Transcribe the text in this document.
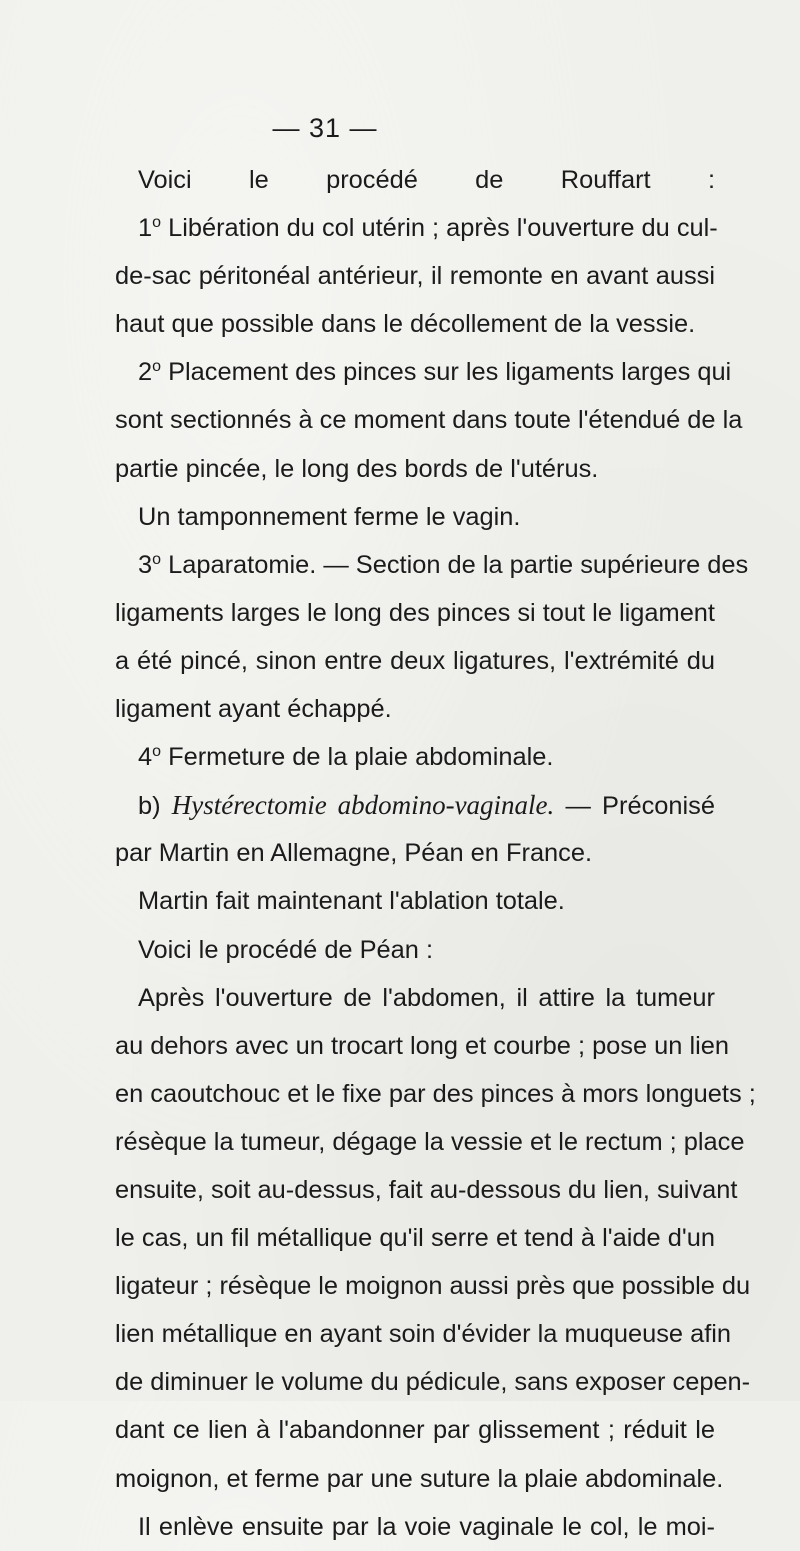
— 31 —
Voici le procédé de Rouffart :
1$^o$ Libération du col utérin ; après l'ouverture du cul-
de-sac péritonéal antérieur, il remonte en avant aussi
haut que possible dans le décollement de la vessie.
2$^o$ Placement des pinces sur les ligaments larges qui
sont sectionnés à ce moment dans toute l'étendué de la
partie pincée, le long des bords de l'utérus.
Un tamponnement ferme le vagin.
3$^o$ Laparatomie. — Section de la partie supérieure des
ligaments larges le long des pinces si tout le ligament
a été pincé, sinon entre deux ligatures, l'extrémité du
ligament ayant échappé.
4$^o$ Fermeture de la plaie abdominale.
b) Hystérectomie abdomino-vaginale. — Préconisé
par Martin en Allemagne, Péan en France.
Martin fait maintenant l'ablation totale.
Voici le procédé de Péan :
Après l'ouverture de l'abdomen, il attire la tumeur
au dehors avec un trocart long et courbe ; pose un lien
en caoutchouc et le fixe par des pinces à mors longuets ;
résèque la tumeur, dégage la vessie et le rectum ; place
ensuite, soit au-dessus, fait au-dessous du lien, suivant
le cas, un fil métallique qu'il serre et tend à l'aide d'un
ligateur ; résèque le moignon aussi près que possible du
lien métallique en ayant soin d'évider la muqueuse afin
de diminuer le volume du pédicule, sans exposer cepen-
dant ce lien à l'abandonner par glissement ; réduit le
moignon, et ferme par une suture la plaie abdominale.
Il enlève ensuite par la voie vaginale le col, le moi-
